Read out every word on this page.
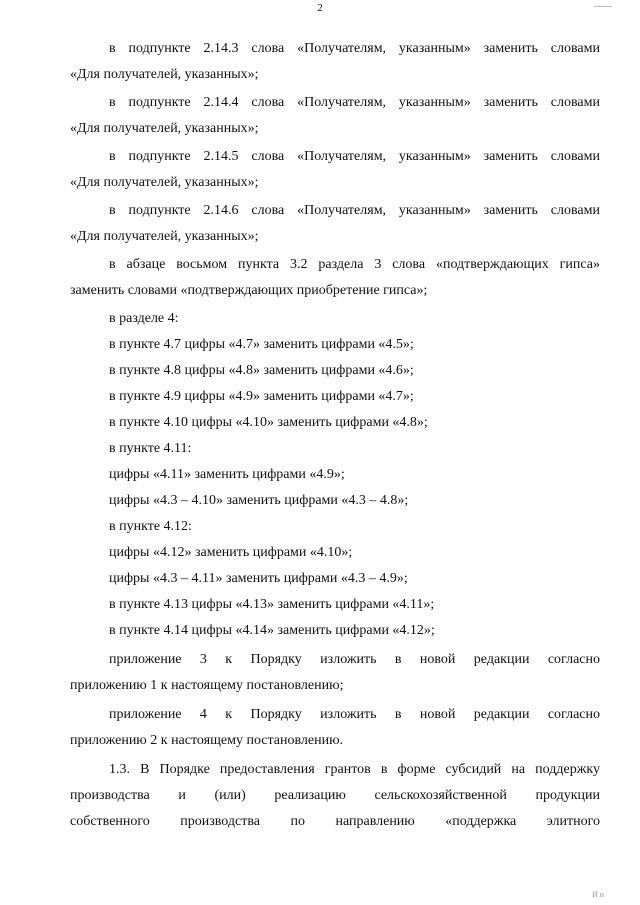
2

в подпункте 2.14.3 слова «Получателям, указанным» заменить словами

«Для получателей, указанных»;

в подпункте 2.14.4 слова «Получателям, указанным» заменить словами

«Для получателей, указанных»;

в подпункте 2.14.5 слова «Получателям, указанным» заменить словами

«Для получателей, указанных»;

в подпункте 2.14.6 слова «Получателям, указанным» заменить словами

«Для получателей, указанных»;

в абзаце восьмом пункта 3.2 раздела 3 слова «подтверждающих гипса»

заменить словами «подтверждающих приобретение гипса»;

в разделе 4:

в пункте 4.7 цифры «4.7» заменить цифрами «4.5»;

в пункте 4.8 цифры «4.8» заменить цифрами «4.6»;

в пункте 4.9 цифры «4.9» заменить цифрами «4.7»;

в пункте 4.10 цифры «4.10» заменить цифрами «4.8»;

в пункте 4.11:

цифры «4.11» заменить цифрами «4.9»;

цифры «4.3 – 4.10» заменить цифрами «4.3 – 4.8»;

в пункте 4.12:

цифры «4.12» заменить цифрами «4.10»;

цифры «4.3 – 4.11» заменить цифрами «4.3 – 4.9»;

в пункте 4.13 цифры «4.13» заменить цифрами «4.11»;

в пункте 4.14 цифры «4.14» заменить цифрами «4.12»;

приложение 3 к Порядку изложить в новой редакции согласно

приложению 1 к настоящему постановлению;

приложение 4 к Порядку изложить в новой редакции согласно

приложению 2 к настоящему постановлению.

1.3. В Порядке предоставления грантов в форме субсидий на поддержку

производства и (или) реализацию сельскохозяйственной продукции

собственного производства по направлению «поддержка элитного

И и
